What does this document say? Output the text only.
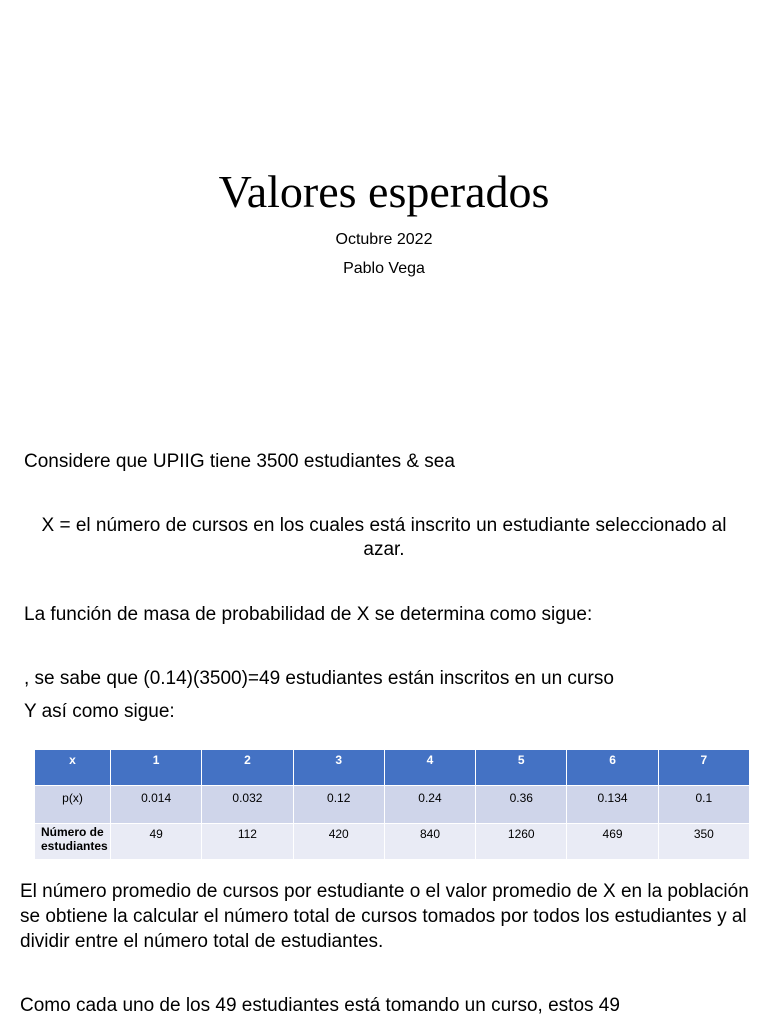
Valores esperados
Octubre 2022
Pablo Vega

Considere que UPIIG tiene 3500 estudiantes & sea

X = el número de cursos en los cuales está inscrito un estudiante seleccionado al azar.

La función de masa de probabilidad de X se determina como sigue:

, se sabe que (0.14)(3500)=49 estudiantes están inscritos en un curso

Y así como sigue:

x	1	2	3	4	5	6	7
p(x)	0.014	0.032	0.12	0.24	0.36	0.134	0.1
Número de estudiantes	49	112	420	840	1260	469	350

El número promedio de cursos por estudiante o el valor promedio de X en la población se obtiene la calcular el número total de cursos tomados por todos los estudiantes y al dividir entre el número total de estudiantes.

Como cada uno de los 49 estudiantes está tomando un curso, estos 49
